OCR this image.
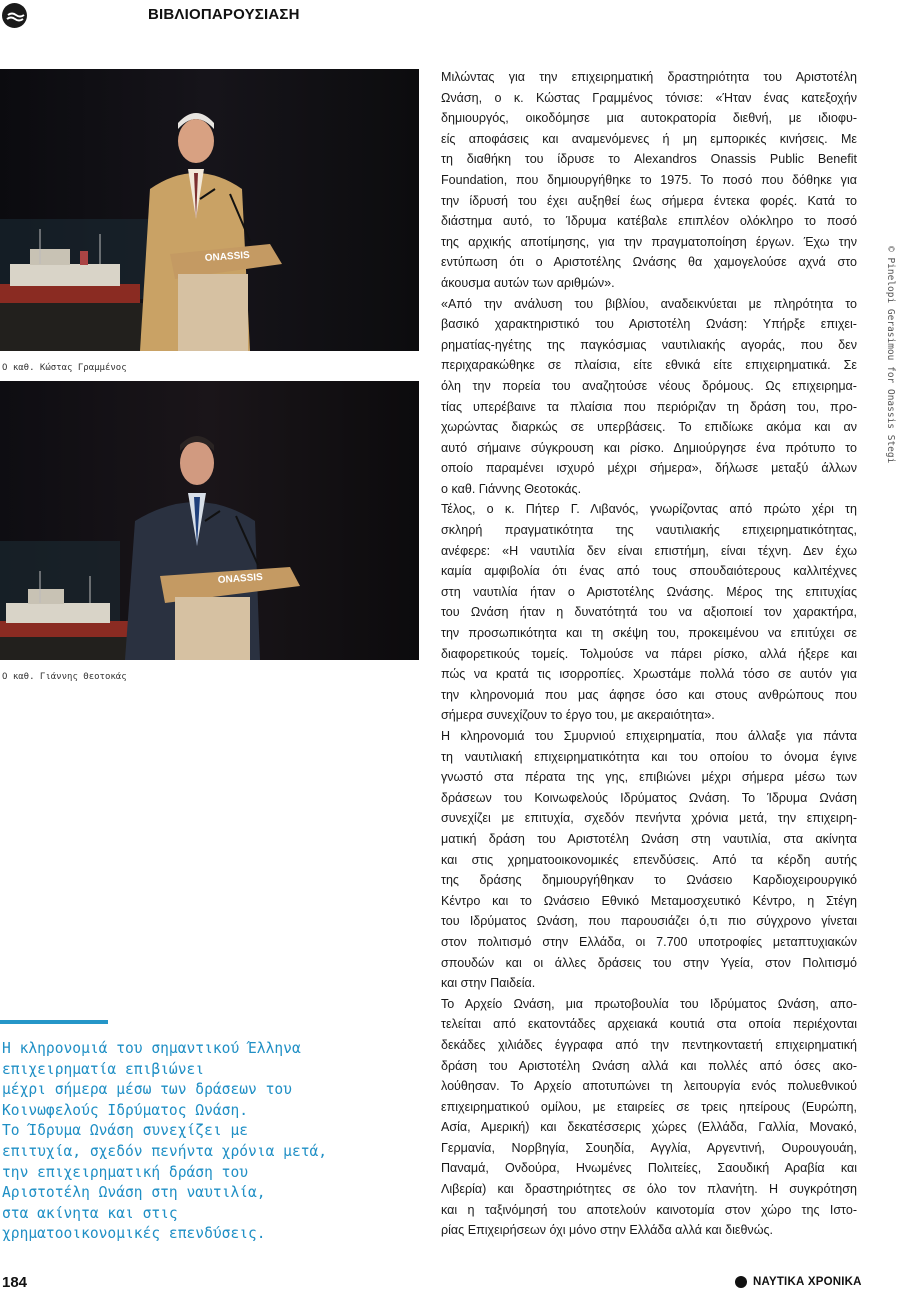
ΒΙΒΛΙΟΠΑΡΟΥΣΙΑΣΗ
ONASSIS
Ο καθ. Κώστας Γραμμένος
ONASSIS
Ο καθ. Γιάννης Θεοτοκάς
Η κληρονομιά του σημαντικού Έλληνα
επιχειρηματία επιβιώνει
μέχρι σήμερα μέσω των δράσεων του
Κοινωφελούς Ιδρύματος Ωνάση.
Το Ίδρυμα Ωνάση συνεχίζει με
επιτυχία, σχεδόν πενήντα χρόνια μετά,
την επιχειρηματική δράση του
Αριστοτέλη Ωνάση στη ναυτιλία,
στα ακίνητα και στις
χρηματοοικονομικές επενδύσεις.
Μιλώντας για την επιχειρηματική δραστηριότητα του Αριστοτέλη
Ωνάση, ο κ. Κώστας Γραμμένος τόνισε: «Ήταν ένας κατεξοχήν
δημιουργός, οικοδόμησε μια αυτοκρατορία διεθνή, με ιδιοφυ-
είς αποφάσεις και αναμενόμενες ή μη εμπορικές κινήσεις. Με
τη διαθήκη του ίδρυσε το Alexandros Onassis Public Benefit
Foundation, που δημιουργήθηκε το 1975. Το ποσό που δόθηκε για
την ίδρυσή του έχει αυξηθεί έως σήμερα έντεκα φορές. Κατά το
διάστημα αυτό, το Ίδρυμα κατέβαλε επιπλέον ολόκληρο το ποσό
της αρχικής αποτίμησης, για την πραγματοποίηση έργων. Έχω την
εντύπωση ότι ο Αριστοτέλης Ωνάσης θα χαμογελούσε αχνά στο
άκουσμα αυτών των αριθμών».
«Από την ανάλυση του βιβλίου, αναδεικνύεται με πληρότητα το
βασικό χαρακτηριστικό του Αριστοτέλη Ωνάση: Υπήρξε επιχει-
ρηματίας-ηγέτης της παγκόσμιας ναυτιλιακής αγοράς, που δεν
περιχαρακώθηκε σε πλαίσια, είτε εθνικά είτε επιχειρηματικά. Σε
όλη την πορεία του αναζητούσε νέους δρόμους. Ως επιχειρημα-
τίας υπερέβαινε τα πλαίσια που περιόριζαν τη δράση του, προ-
χωρώντας διαρκώς σε υπερβάσεις. Το επιδίωκε ακόμα και αν
αυτό σήμαινε σύγκρουση και ρίσκο. Δημιούργησε ένα πρότυπο το
οποίο παραμένει ισχυρό μέχρι σήμερα», δήλωσε μεταξύ άλλων
ο καθ. Γιάννης Θεοτοκάς.
Τέλος, ο κ. Πήτερ Γ. Λιβανός, γνωρίζοντας από πρώτο χέρι τη
σκληρή πραγματικότητα της ναυτιλιακής επιχειρηματικότητας,
ανέφερε: «Η ναυτιλία δεν είναι επιστήμη, είναι τέχνη. Δεν έχω
καμία αμφιβολία ότι ένας από τους σπουδαιότερους καλλιτέχνες
στη ναυτιλία ήταν ο Αριστοτέλης Ωνάσης. Μέρος της επιτυχίας
του Ωνάση ήταν η δυνατότητά του να αξιοποιεί τον χαρακτήρα,
την προσωπικότητα και τη σκέψη του, προκειμένου να επιτύχει σε
διαφορετικούς τομείς. Τολμούσε να πάρει ρίσκο, αλλά ήξερε και
πώς να κρατά τις ισορροπίες. Χρωστάμε πολλά τόσο σε αυτόν για
την κληρονομιά που μας άφησε όσο και στους ανθρώπους που
σήμερα συνεχίζουν το έργο του, με ακεραιότητα».
Η κληρονομιά του Σμυρνιού επιχειρηματία, που άλλαξε για πάντα
τη ναυτιλιακή επιχειρηματικότητα και του οποίου το όνομα έγινε
γνωστό στα πέρατα της γης, επιβιώνει μέχρι σήμερα μέσω των
δράσεων του Κοινωφελούς Ιδρύματος Ωνάση. Το Ίδρυμα Ωνάση
συνεχίζει με επιτυχία, σχεδόν πενήντα χρόνια μετά, την επιχειρη-
ματική δράση του Αριστοτέλη Ωνάση στη ναυτιλία, στα ακίνητα
και στις χρηματοοικονομικές επενδύσεις. Από τα κέρδη αυτής
της δράσης δημιουργήθηκαν το Ωνάσειο Καρδιοχειρουργικό
Κέντρο και το Ωνάσειο Εθνικό Μεταμοσχευτικό Κέντρο, η Στέγη
του Ιδρύματος Ωνάση, που παρουσιάζει ό,τι πιο σύγχρονο γίνεται
στον πολιτισμό στην Ελλάδα, οι 7.700 υποτροφίες μεταπτυχιακών
σπουδών και οι άλλες δράσεις του στην Υγεία, στον Πολιτισμό
και στην Παιδεία.
Το Αρχείο Ωνάση, μια πρωτοβουλία του Ιδρύματος Ωνάση, απο-
τελείται από εκατοντάδες αρχειακά κουτιά στα οποία περιέχονται
δεκάδες χιλιάδες έγγραφα από την πεντηκονταετή επιχειρηματική
δράση του Αριστοτέλη Ωνάση αλλά και πολλές από όσες ακο-
λούθησαν. Το Αρχείο αποτυπώνει τη λειτουργία ενός πολυεθνικού
επιχειρηματικού ομίλου, με εταιρείες σε τρεις ηπείρους (Ευρώπη,
Ασία, Αμερική) και δεκατέσσερις χώρες (Ελλάδα, Γαλλία, Μονακό,
Γερμανία, Νορβηγία, Σουηδία, Αγγλία, Αργεντινή, Ουρουγουάη,
Παναμά, Ονδούρα, Ηνωμένες Πολιτείες, Σαουδική Αραβία και
Λιβερία) και δραστηριότητες σε όλο τον πλανήτη. Η συγκρότηση
και η ταξινόμησή του αποτελούν καινοτομία στον χώρο της Ιστο-
ρίας Επιχειρήσεων όχι μόνο στην Ελλάδα αλλά και διεθνώς.
© Pinelopi Gerasimou for Onassis Stegi
184	ΝΑΥΤΙΚΑ ΧΡΟΝΙΚΑ
